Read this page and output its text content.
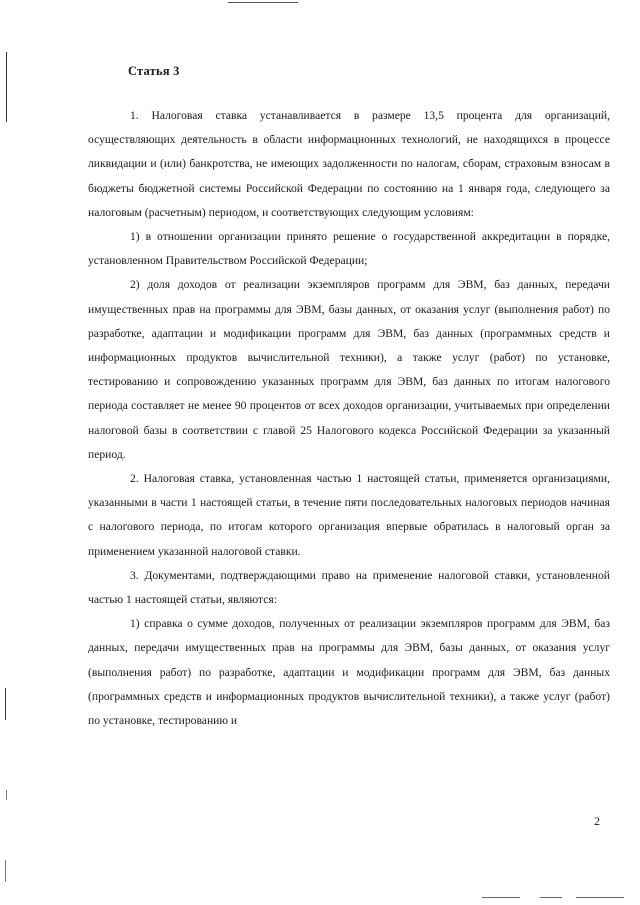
Статья 3

1. Налоговая ставка устанавливается в размере 13,5 процента для организаций, осуществляющих деятельность в области информационных технологий, не находящихся в процессе ликвидации и (или) банкротства, не имеющих задолженности по налогам, сборам, страховым взносам в бюджеты бюджетной системы Российской Федерации по состоянию на 1 января года, следующего за налоговым (расчетным) периодом, и соответствующих следующим условиям:

1) в отношении организации принято решение о государственной аккредитации в порядке, установленном Правительством Российской Федерации;

2) доля доходов от реализации экземпляров программ для ЭВМ, баз данных, передачи имущественных прав на программы для ЭВМ, базы данных, от оказания услуг (выполнения работ) по разработке, адаптации и модификации программ для ЭВМ, баз данных (программных средств и информационных продуктов вычислительной техники), а также услуг (работ) по установке, тестированию и сопровождению указанных программ для ЭВМ, баз данных по итогам налогового периода составляет не менее 90 процентов от всех доходов организации, учитываемых при определении налоговой базы в соответствии с главой 25 Налогового кодекса Российской Федерации за указанный период.

2. Налоговая ставка, установленная частью 1 настоящей статьи, применяется организациями, указанными в части 1 настоящей статьи, в течение пяти последовательных налоговых периодов начиная с налогового периода, по итогам которого организация впервые обратилась в налоговый орган за применением указанной налоговой ставки.

3. Документами, подтверждающими право на применение налоговой ставки, установленной частью 1 настоящей статьи, являются:

1) справка о сумме доходов, полученных от реализации экземпляров программ для ЭВМ, баз данных, передачи имущественных прав на программы для ЭВМ, базы данных, от оказания услуг (выполнения работ) по разработке, адаптации и модификации программ для ЭВМ, баз данных (программных средств и информационных продуктов вычислительной техники), а также услуг (работ) по установке, тестированию и

2
